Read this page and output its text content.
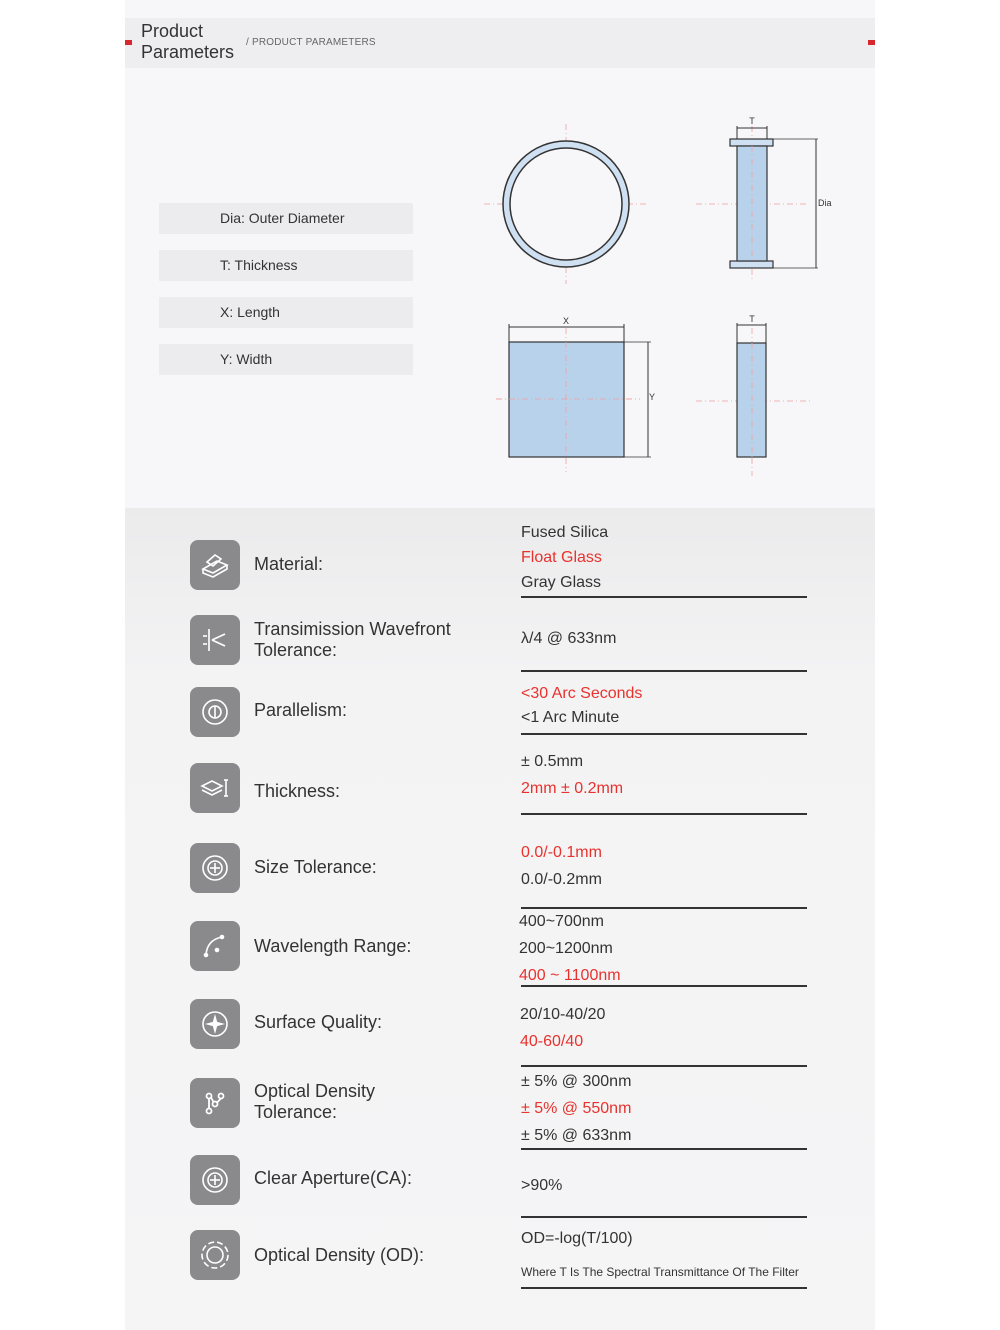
Product
Parameters / PRODUCT PARAMETERS
Dia: Outer Diameter
T: Thickness
X: Length
Y: Width
T
Dia
X
Y
T
Material:
Fused Silica
Float Glass
Gray Glass
Transimission Wavefront
Tolerance:
λ/4 @ 633nm
Parallelism:
<30 Arc Seconds
<1 Arc Minute
Thickness:
± 0.5mm
2mm ± 0.2mm
Size Tolerance:
0.0/-0.1mm
0.0/-0.2mm
Wavelength Range:
400~700nm
200~1200nm
400 ~ 1100nm
Surface Quality:	20/10-40/20
40-60/40
Optical Density
Tolerance:
± 5% @ 300nm
± 5% @ 550nm
± 5% @ 633nm
Clear Aperture(CA):	>90%
Optical Density (OD):
OD=-log(T/100)
Where T Is The Spectral Transmittance Of The Filter
